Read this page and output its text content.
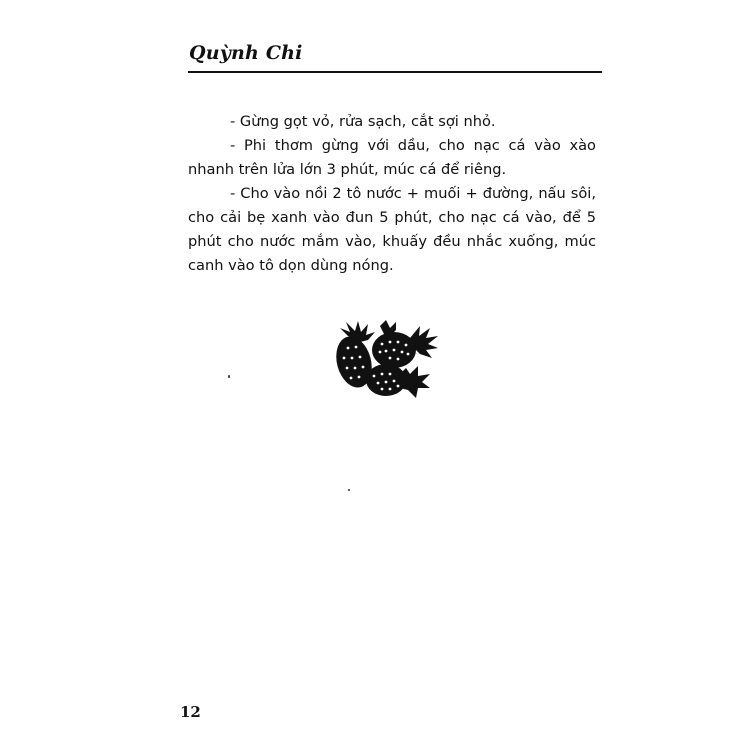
Quỳnh Chi

- Gừng gọt vỏ, rửa sạch, cắt sợi nhỏ.

- Phi thơm gừng với dầu, cho nạc cá vào xào nhanh trên lửa lớn 3 phút, múc cá để riêng.

- Cho vào nồi 2 tô nước + muối + đường, nấu sôi, cho cải bẹ xanh vào đun 5 phút, cho nạc cá vào, để 5 phút cho nước mắm vào, khuấy đều nhắc xuống, múc canh vào tô dọn dùng nóng.

12
